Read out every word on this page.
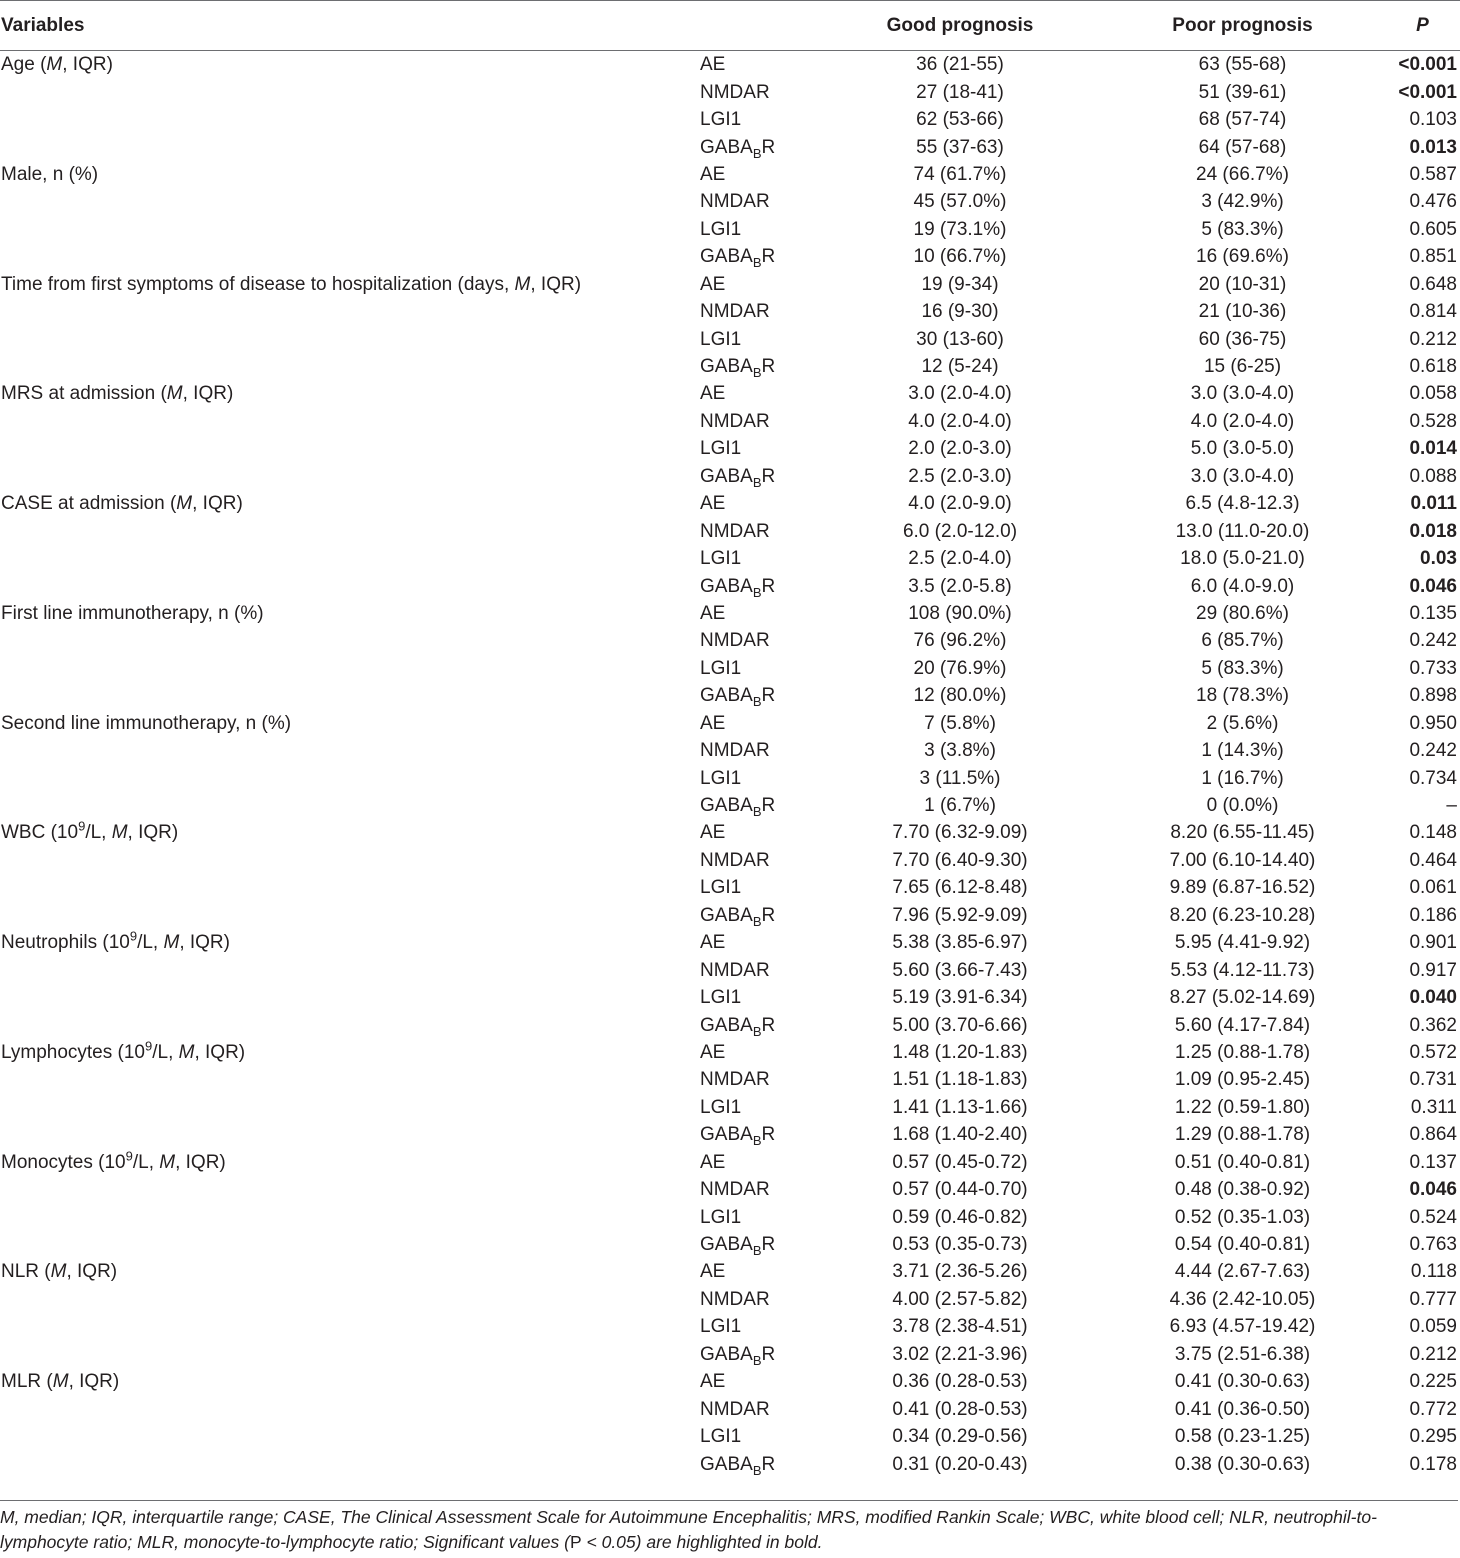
Variables		Good prognosis	Poor prognosis	P
Age (M, IQR)	AE	36 (21-55)	63 (55-68)	<0.001
	NMDAR	27 (18-41)	51 (39-61)	<0.001
	LGI1	62 (53-66)	68 (57-74)	0.103
	$GABA_BR$	55 (37-63)	64 (57-68)	0.013
Male, n (%)	AE	74 (61.7%)	24 (66.7%)	0.587
	NMDAR	45 (57.0%)	3 (42.9%)	0.476
	LGI1	19 (73.1%)	5 (83.3%)	0.605
	$GABA_BR$	10 (66.7%)	16 (69.6%)	0.851
Time from first symptoms of disease to hospitalization (days, M, IQR)	AE	19 (9-34)	20 (10-31)	0.648
	NMDAR	16 (9-30)	21 (10-36)	0.814
	LGI1	30 (13-60)	60 (36-75)	0.212
	$GABA_BR$	12 (5-24)	15 (6-25)	0.618
MRS at admission (M, IQR)	AE	3.0 (2.0-4.0)	3.0 (3.0-4.0)	0.058
	NMDAR	4.0 (2.0-4.0)	4.0 (2.0-4.0)	0.528
	LGI1	2.0 (2.0-3.0)	5.0 (3.0-5.0)	0.014
	$GABA_BR$	2.5 (2.0-3.0)	3.0 (3.0-4.0)	0.088
CASE at admission (M, IQR)	AE	4.0 (2.0-9.0)	6.5 (4.8-12.3)	0.011
	NMDAR	6.0 (2.0-12.0)	13.0 (11.0-20.0)	0.018
	LGI1	2.5 (2.0-4.0)	18.0 (5.0-21.0)	0.03
	$GABA_BR$	3.5 (2.0-5.8)	6.0 (4.0-9.0)	0.046
First line immunotherapy, n (%)	AE	108 (90.0%)	29 (80.6%)	0.135
	NMDAR	76 (96.2%)	6 (85.7%)	0.242
	LGI1	20 (76.9%)	5 (83.3%)	0.733
	$GABA_BR$	12 (80.0%)	18 (78.3%)	0.898
Second line immunotherapy, n (%)	AE	7 (5.8%)	2 (5.6%)	0.950
	NMDAR	3 (3.8%)	1 (14.3%)	0.242
	LGI1	3 (11.5%)	1 (16.7%)	0.734
	$GABA_BR$	1 (6.7%)	0 (0.0%)	–
WBC ($10^9/L$, M, IQR)	AE	7.70 (6.32-9.09)	8.20 (6.55-11.45)	0.148
	NMDAR	7.70 (6.40-9.30)	7.00 (6.10-14.40)	0.464
	LGI1	7.65 (6.12-8.48)	9.89 (6.87-16.52)	0.061
	$GABA_BR$	7.96 (5.92-9.09)	8.20 (6.23-10.28)	0.186
Neutrophils ($10^9/L$, M, IQR)	AE	5.38 (3.85-6.97)	5.95 (4.41-9.92)	0.901
	NMDAR	5.60 (3.66-7.43)	5.53 (4.12-11.73)	0.917
	LGI1	5.19 (3.91-6.34)	8.27 (5.02-14.69)	0.040
	$GABA_BR$	5.00 (3.70-6.66)	5.60 (4.17-7.84)	0.362
Lymphocytes ($10^9/L$, M, IQR)	AE	1.48 (1.20-1.83)	1.25 (0.88-1.78)	0.572
	NMDAR	1.51 (1.18-1.83)	1.09 (0.95-2.45)	0.731
	LGI1	1.41 (1.13-1.66)	1.22 (0.59-1.80)	0.311
	$GABA_BR$	1.68 (1.40-2.40)	1.29 (0.88-1.78)	0.864
Monocytes ($10^9/L$, M, IQR)	AE	0.57 (0.45-0.72)	0.51 (0.40-0.81)	0.137
	NMDAR	0.57 (0.44-0.70)	0.48 (0.38-0.92)	0.046
	LGI1	0.59 (0.46-0.82)	0.52 (0.35-1.03)	0.524
	$GABA_BR$	0.53 (0.35-0.73)	0.54 (0.40-0.81)	0.763
NLR (M, IQR)	AE	3.71 (2.36-5.26)	4.44 (2.67-7.63)	0.118
	NMDAR	4.00 (2.57-5.82)	4.36 (2.42-10.05)	0.777
	LGI1	3.78 (2.38-4.51)	6.93 (4.57-19.42)	0.059
	$GABA_BR$	3.02 (2.21-3.96)	3.75 (2.51-6.38)	0.212
MLR (M, IQR)	AE	0.36 (0.28-0.53)	0.41 (0.30-0.63)	0.225
	NMDAR	0.41 (0.28-0.53)	0.41 (0.36-0.50)	0.772
	LGI1	0.34 (0.29-0.56)	0.58 (0.23-1.25)	0.295
	$GABA_BR$	0.31 (0.20-0.43)	0.38 (0.30-0.63)	0.178
M, median; IQR, interquartile range; CASE, The Clinical Assessment Scale for Autoimmune Encephalitis; MRS, modified Rankin Scale; WBC, white blood cell; NLR, neutrophil-to-lymphocyte ratio; MLR, monocyte-to-lymphocyte ratio; Significant values (P < 0.05) are highlighted in bold.
